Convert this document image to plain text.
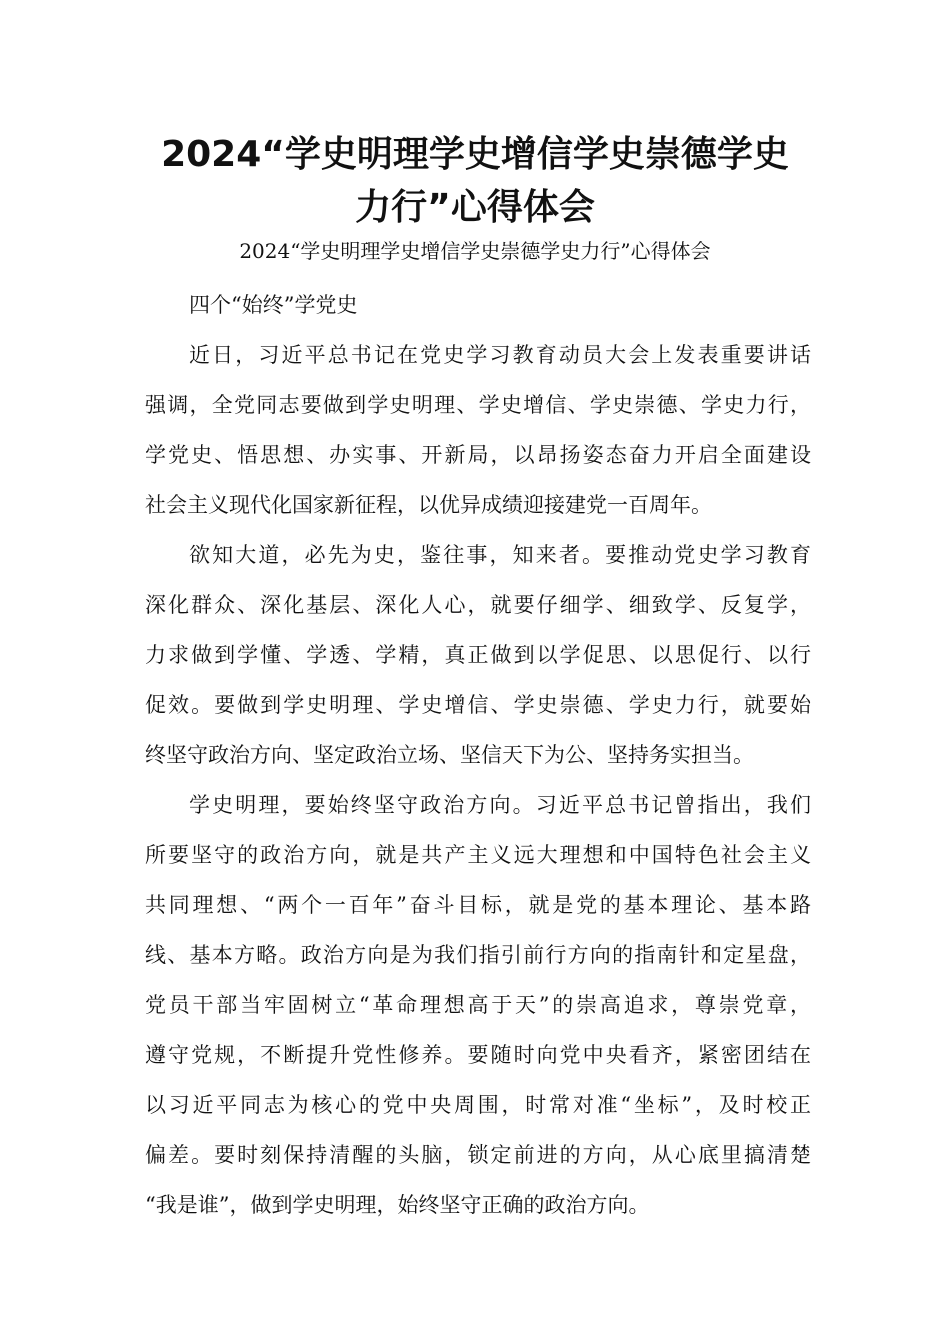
2024“学史明理学史增信学史崇德学史
力行”心得体会

2024“学史明理学史增信学史崇德学史力行”心得体会

四个“始终”学党史

近日，习近平总书记在党史学习教育动员大会上发表重要讲话
强调，全党同志要做到学史明理、学史增信、学史崇德、学史力行，
学党史、悟思想、办实事、开新局，以昂扬姿态奋力开启全面建设
社会主义现代化国家新征程，以优异成绩迎接建党一百周年。

欲知大道，必先为史，鉴往事，知来者。要推动党史学习教育
深化群众、深化基层、深化人心，就要仔细学、细致学、反复学，
力求做到学懂、学透、学精，真正做到以学促思、以思促行、以行
促效。要做到学史明理、学史增信、学史崇德、学史力行，就要始
终坚守政治方向、坚定政治立场、坚信天下为公、坚持务实担当。

学史明理，要始终坚守政治方向。习近平总书记曾指出，我们
所要坚守的政治方向，就是共产主义远大理想和中国特色社会主义
共同理想、“两个一百年”奋斗目标，就是党的基本理论、基本路
线、基本方略。政治方向是为我们指引前行方向的指南针和定星盘，
党员干部当牢固树立“革命理想高于天”的崇高追求，尊崇党章，
遵守党规，不断提升党性修养。要随时向党中央看齐，紧密团结在
以习近平同志为核心的党中央周围，时常对准“坐标”，及时校正
偏差。要时刻保持清醒的头脑，锁定前进的方向，从心底里搞清楚
“我是谁”，做到学史明理，始终坚守正确的政治方向。
